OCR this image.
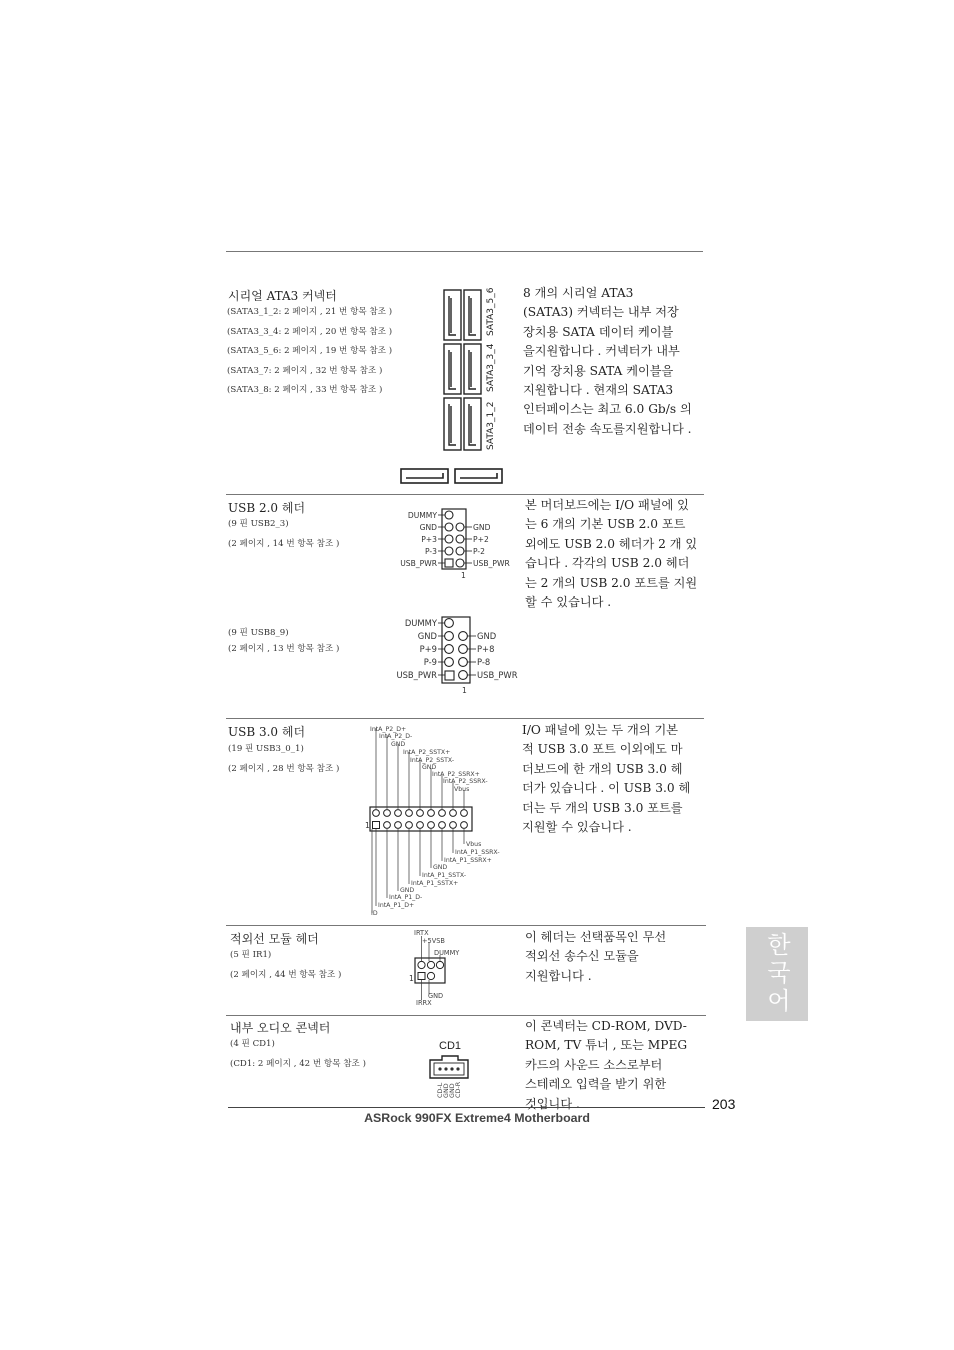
시리얼 ATA3 커넥터
(SATA3_1_2: 2 페이지 , 21 번 항목 참조 )
(SATA3_3_4: 2 페이지 , 20 번 항목 참조 )
(SATA3_5_6: 2 페이지 , 19 번 항목 참조 )
(SATA3_7: 2 페이지 , 32 번 항목 참조 )
(SATA3_8: 2 페이지 , 33 번 항목 참조 )
SATA3_5_6
SATA3_3_4
SATA3_1_2
8 개의 시리얼 ATA3
(SATA3) 커넥터는 내부 저장
장치용 SATA 데이터 케이블
을지원합니다 . 커넥터가 내부
기억 장치용 SATA 케이블을
지원합니다 . 현재의 SATA3
인터페이스는 최고 6.0 Gb/s 의
데이터 전송 속도를지원합니다 .
USB 2.0 헤더
(9 핀 USB2_3)
(2 페이지 , 14 번 항목 참조 )
(9 핀 USB8_9)
(2 페이지 , 13 번 항목 참조 )
DUMMY
GND
P+3
P-3
USB_PWR
GND
P+2
P-2
USB_PWR
1
DUMMY
GND
P+9
P-9
USB_PWR
GND
P+8
P-8
USB_PWR
1
본 머더보드에는 I/O 패널에 있
는 6 개의 기본 USB 2.0 포트
외에도 USB 2.0 헤더가 2 개 있
습니다 . 각각의 USB 2.0 헤더
는 2 개의 USB 2.0 포트를 지원
할 수 있습니다 .
USB 3.0 헤더
(19 핀 USB3_0_1)
(2 페이지 , 28 번 항목 참조 )
IntA_P2_D+
IntA_P2_D-
GND
IntA_P2_SSTX+
IntA_P2_SSTX-
GND
IntA_P2_SSRX+
IntA_P2_SSRX-
Vbus
Vbus
IntA_P1_SSRX-
IntA_P1_SSRX+
GND
IntA_P1_SSTX-
IntA_P1_SSTX+
GND
IntA_P1_D-
IntA_P1_D+
ID
1
I/O 패널에 있는 두 개의 기본
적 USB 3.0 포트 이외에도 마
더보드에 한 개의 USB 3.0 헤
더가 있습니다 . 이 USB 3.0 헤
더는 두 개의 USB 3.0 포트를
지원할 수 있습니다 .
적외선 모듈 헤더
(5 핀 IR1)
(2 페이지 , 44 번 항목 참조 )
IRTX
+5VSB
DUMMY
GND
IRRX
1
이 헤더는 선택품목인 무선
적외선 송수신 모듈을
지원합니다 .
내부 오디오 콘넥터
(4 핀 CD1)
(CD1: 2 페이지 , 42 번 항목 참조 )
CD1
CD-L
GND
GND
CD-R
이 콘넥터는 CD-ROM, DVD-
ROM, TV 튜너 , 또는 MPEG
카드의 사운드 소스로부터
스테레오 입력을 받기 위한
것입니다 .
한국어
203
ASRock 990FX Extreme4 Motherboard
